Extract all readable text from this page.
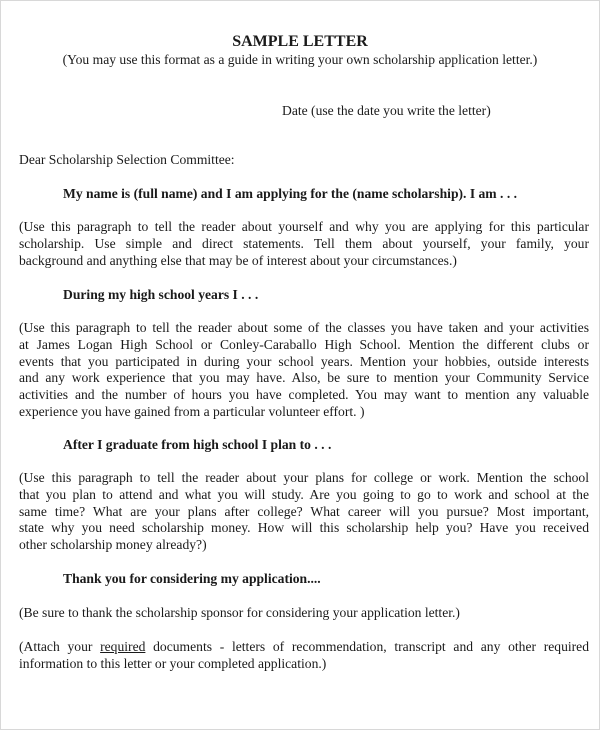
SAMPLE LETTER
(You may use this format as a guide in writing your own scholarship application letter.)
Date (use the date you write the letter)
Dear Scholarship Selection Committee:
My name is (full name) and I am applying for the (name scholarship). I am . . .
(Use this paragraph to tell the reader about yourself and why you are applying for this particular
scholarship. Use simple and direct statements. Tell them about yourself, your family, your
background and anything else that may be of interest about your circumstances.)
During my high school years I . . .
(Use this paragraph to tell the reader about some of the classes you have taken and your activities
at James Logan High School or Conley-Caraballo High School. Mention the different clubs or
events that you participated in during your school years. Mention your hobbies, outside interests
and any work experience that you may have. Also, be sure to mention your Community Service
activities and the number of hours you have completed. You may want to mention any valuable
experience you have gained from a particular volunteer effort. )
After I graduate from high school I plan to . . .
(Use this paragraph to tell the reader about your plans for college or work. Mention the school
that you plan to attend and what you will study. Are you going to go to work and school at the
same time? What are your plans after college? What career will you pursue? Most important,
state why you need scholarship money. How will this scholarship help you? Have you received
other scholarship money already?)
Thank you for considering my application....
(Be sure to thank the scholarship sponsor for considering your application letter.)
(Attach your required documents - letters of recommendation, transcript and any other required
information to this letter or your completed application.)
